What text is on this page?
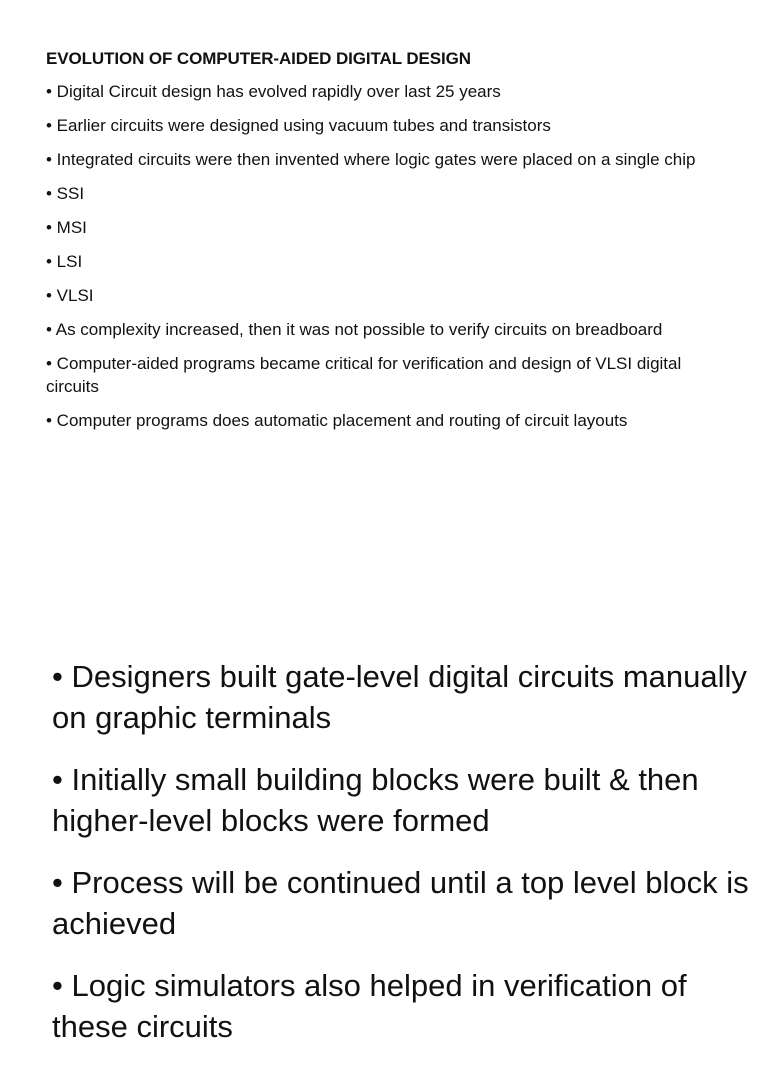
EVOLUTION OF COMPUTER-AIDED DIGITAL DESIGN
• Digital Circuit design has evolved rapidly over last 25 years
• Earlier circuits were designed using vacuum tubes and transistors
• Integrated circuits were then invented where logic gates were placed on a single chip
• SSI
• MSI
• LSI
• VLSI
• As complexity increased, then it was not possible to verify circuits on breadboard
• Computer-aided programs became critical for verification and design of VLSI digital circuits
• Computer programs does automatic placement and routing of circuit layouts
• Designers built gate-level digital circuits manually on graphic terminals
• Initially small building blocks were built & then higher-level blocks were formed
• Process will be continued until a top level block is achieved
• Logic simulators also helped in verification of these circuits
